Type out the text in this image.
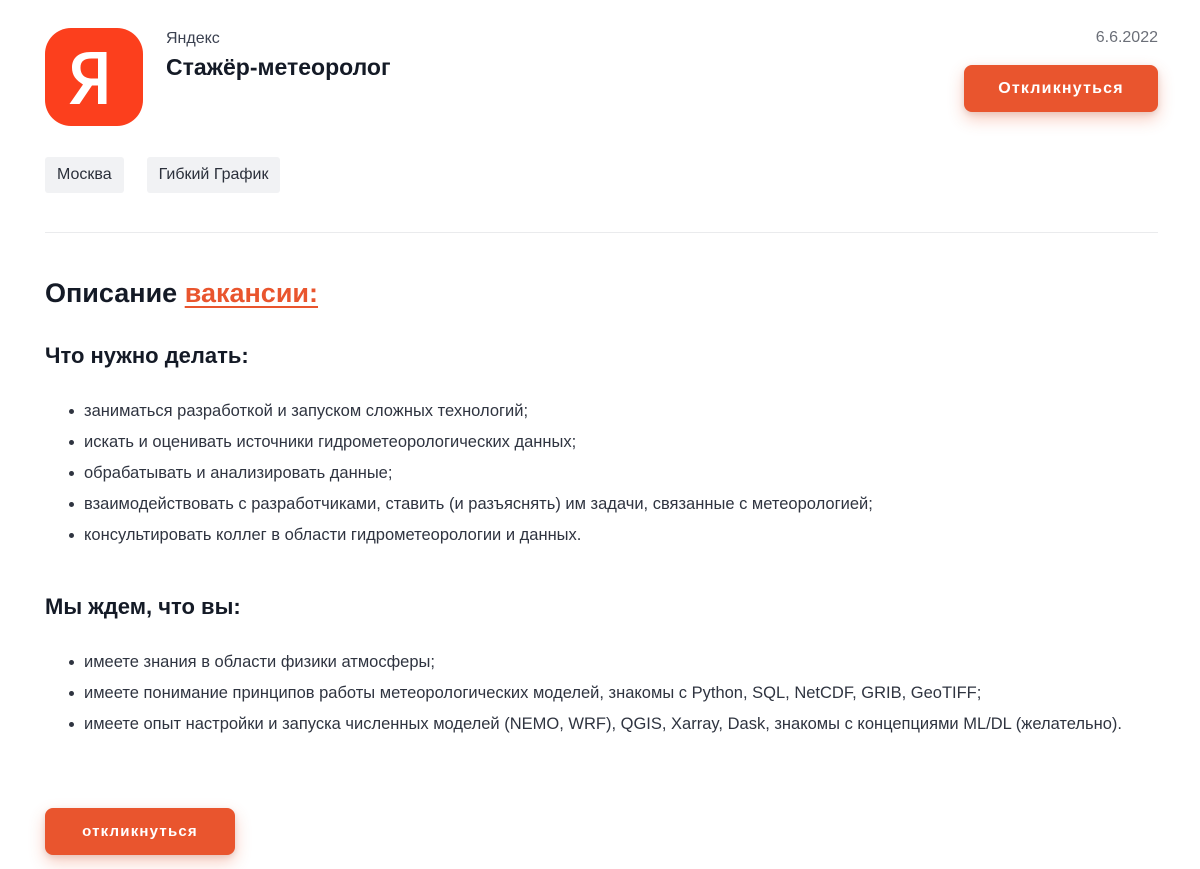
Яндекс
Стажёр-метеоролог
6.6.2022
Откликнуться
Москва	Гибкий График
Описание вакансии:
Что нужно делать:
заниматься разработкой и запуском сложных технологий;
искать и оценивать источники гидрометеорологических данных;
обрабатывать и анализировать данные;
взаимодействовать с разработчиками, ставить (и разъяснять) им задачи, связанные с метеорологией;
консультировать коллег в области гидрометеорологии и данных.
Мы ждем, что вы:
имеете знания в области физики атмосферы;
имеете понимание принципов работы метеорологических моделей, знакомы с Python, SQL, NetCDF, GRIB, GeoTIFF;
имеете опыт настройки и запуска численных моделей (NEMO, WRF), QGIS, Xarray, Dask, знакомы с концепциями ML/DL (желательно).
откликнуться
